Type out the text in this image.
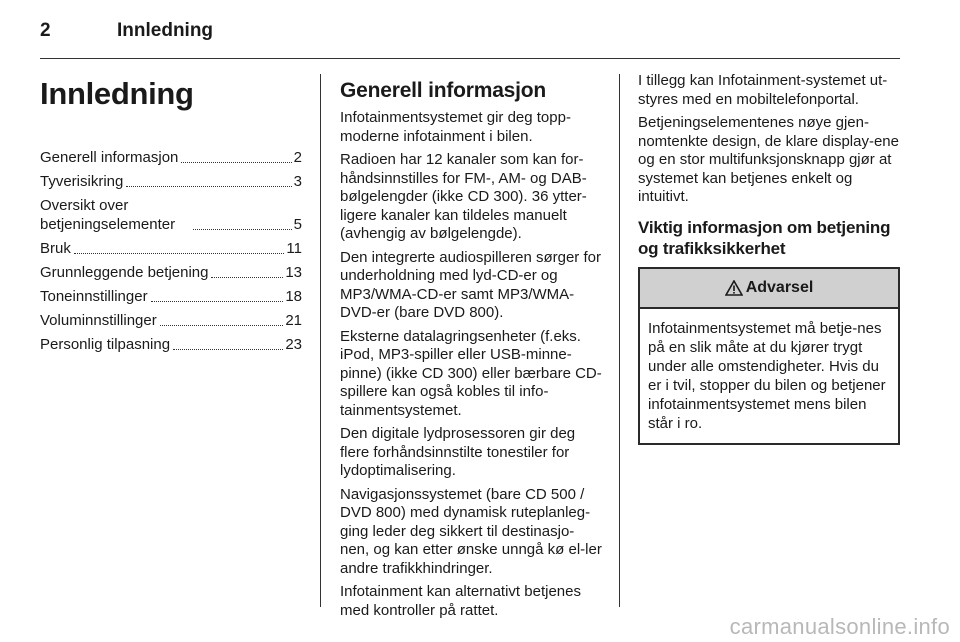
2	Innledning
Innledning
Generell informasjon	2
Tyverisikring	3
Oversikt over betjeningselementer	5
Bruk	11
Grunnleggende betjening	13
Toneinnstillinger	18
Voluminnstillinger	21
Personlig tilpasning	23
Generell informasjon

Infotainmentsystemet gir deg topp-moderne infotainment i bilen.

Radioen har 12 kanaler som kan for-håndsinnstilles for FM-, AM- og DAB-bølgelengder (ikke CD 300). 36 ytter-ligere kanaler kan tildeles manuelt (avhengig av bølgelengde).

Den integrerte audiospilleren sørger for underholdning med lyd-CD-er og MP3/WMA-CD-er samt MP3/WMA-DVD-er (bare DVD 800).

Eksterne datalagringsenheter (f.eks. iPod, MP3-spiller eller USB-minne-pinne) (ikke CD 300) eller bærbare CD-spillere kan også kobles til info-tainmentsystemet.

Den digitale lydprosessoren gir deg flere forhåndsinnstilte tonestiler for lydoptimalisering.

Navigasjonssystemet (bare CD 500 / DVD 800) med dynamisk ruteplanleg-ging leder deg sikkert til destinasjo-nen, og kan etter ønske unngå kø el-ler andre trafikkhindringer.

Infotainment kan alternativt betjenes med kontroller på rattet.

I tillegg kan Infotainment-systemet ut-styres med en mobiltelefonportal.

Betjeningselementenes nøye gjen-nomtenkte design, de klare display-ene og en stor multifunksjonsknapp gjør at systemet kan betjenes enkelt og intuitivt.

Viktig informasjon om betjening og trafikksikkerhet
Advarsel
Infotainmentsystemet må betje-nes på en slik måte at du kjører trygt under alle omstendigheter. Hvis du er i tvil, stopper du bilen og betjener infotainmentsystemet mens bilen står i ro.
carmanualsonline.info
